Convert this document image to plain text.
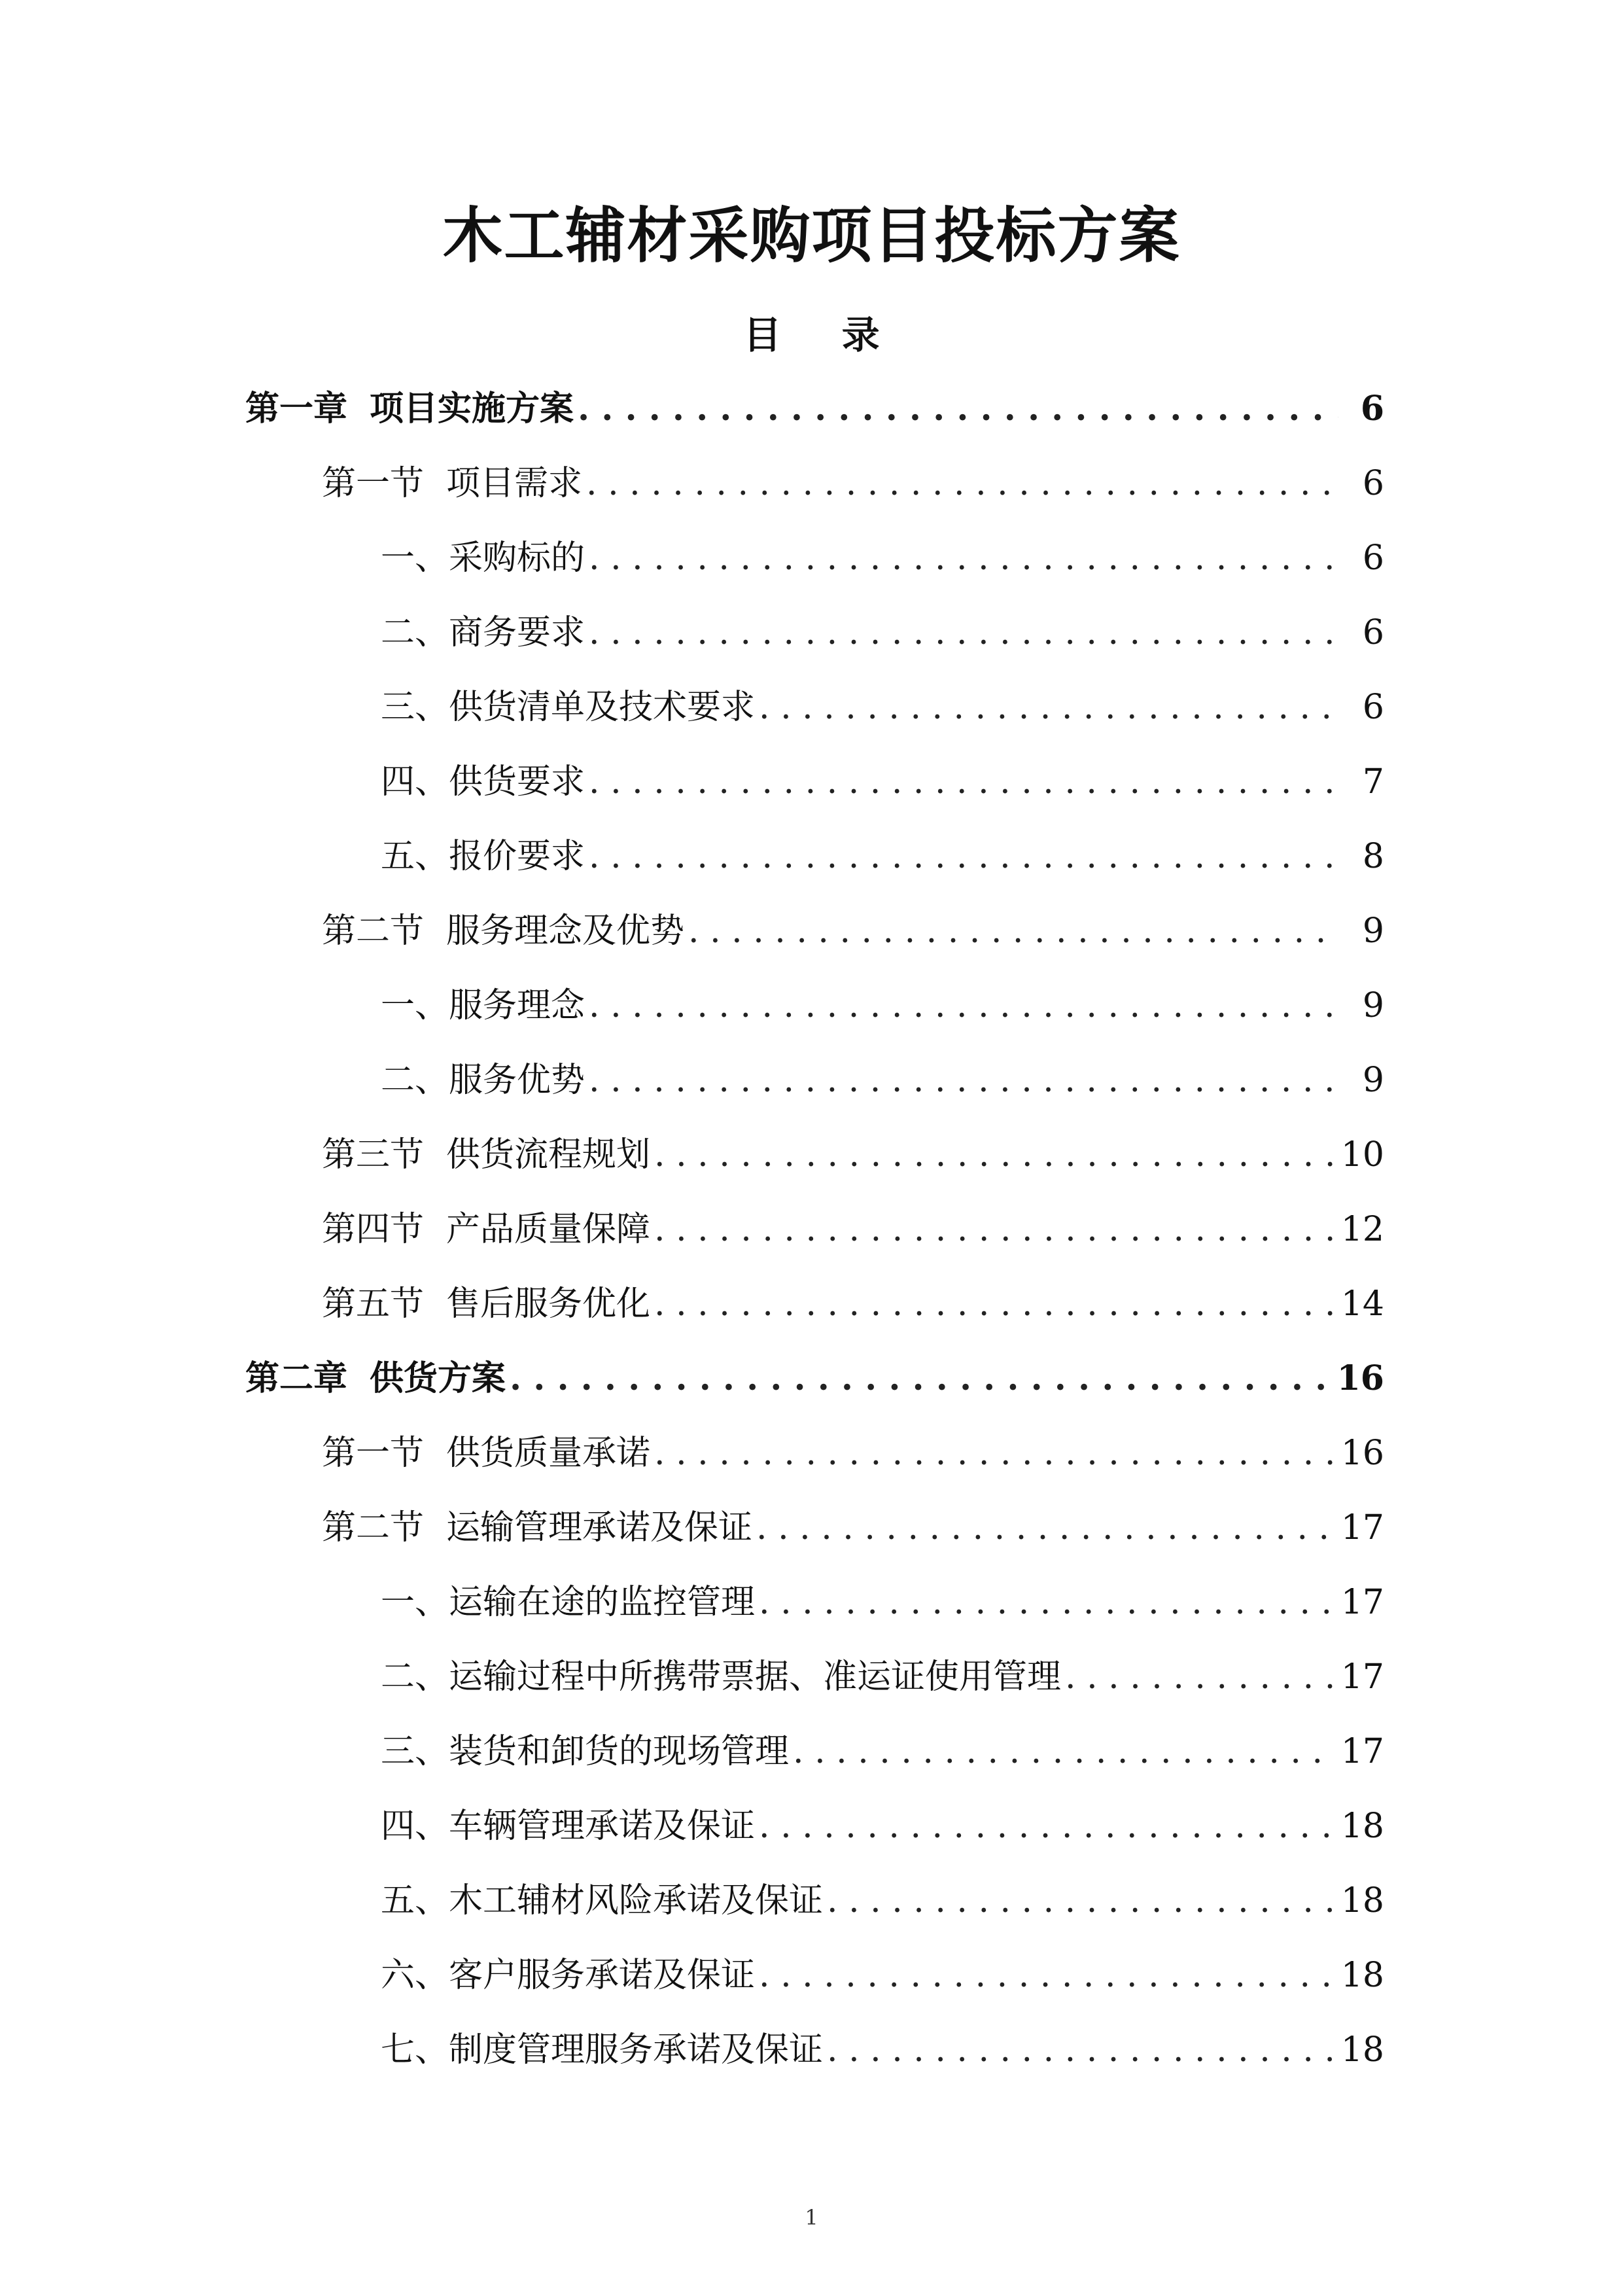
木工辅材采购项目投标方案
目 录
第一章 项目实施方案 . . .	6
第一节 项目需求 . . .	6
一、 采购标的 . . .	6
二、 商务要求 . . .	6
三、 供货清单及技术要求 . . .	6
四、 供货要求 . . .	7
五、 报价要求 . . .	8
第二节 服务理念及优势 . . .	9
一、 服务理念 . . .	9
二、 服务优势 . . .	9
第三节 供货流程规划 . . .	10
第四节 产品质量保障 . . .	12
第五节 售后服务优化 . . .	14
第二章 供货方案 . . .	16
第一节 供货质量承诺 . . .	16
第二节 运输管理承诺及保证 . . .	17
一、 运输在途的监控管理 . . .	17
二、 运输过程中所携带票据、准运证使用管理 . . .	17
三、 装货和卸货的现场管理 . . .	17
四、 车辆管理承诺及保证 . . .	18
五、 木工辅材风险承诺及保证 . . .	18
六、 客户服务承诺及保证 . . .	18
七、 制度管理服务承诺及保证 . . .	18
1
